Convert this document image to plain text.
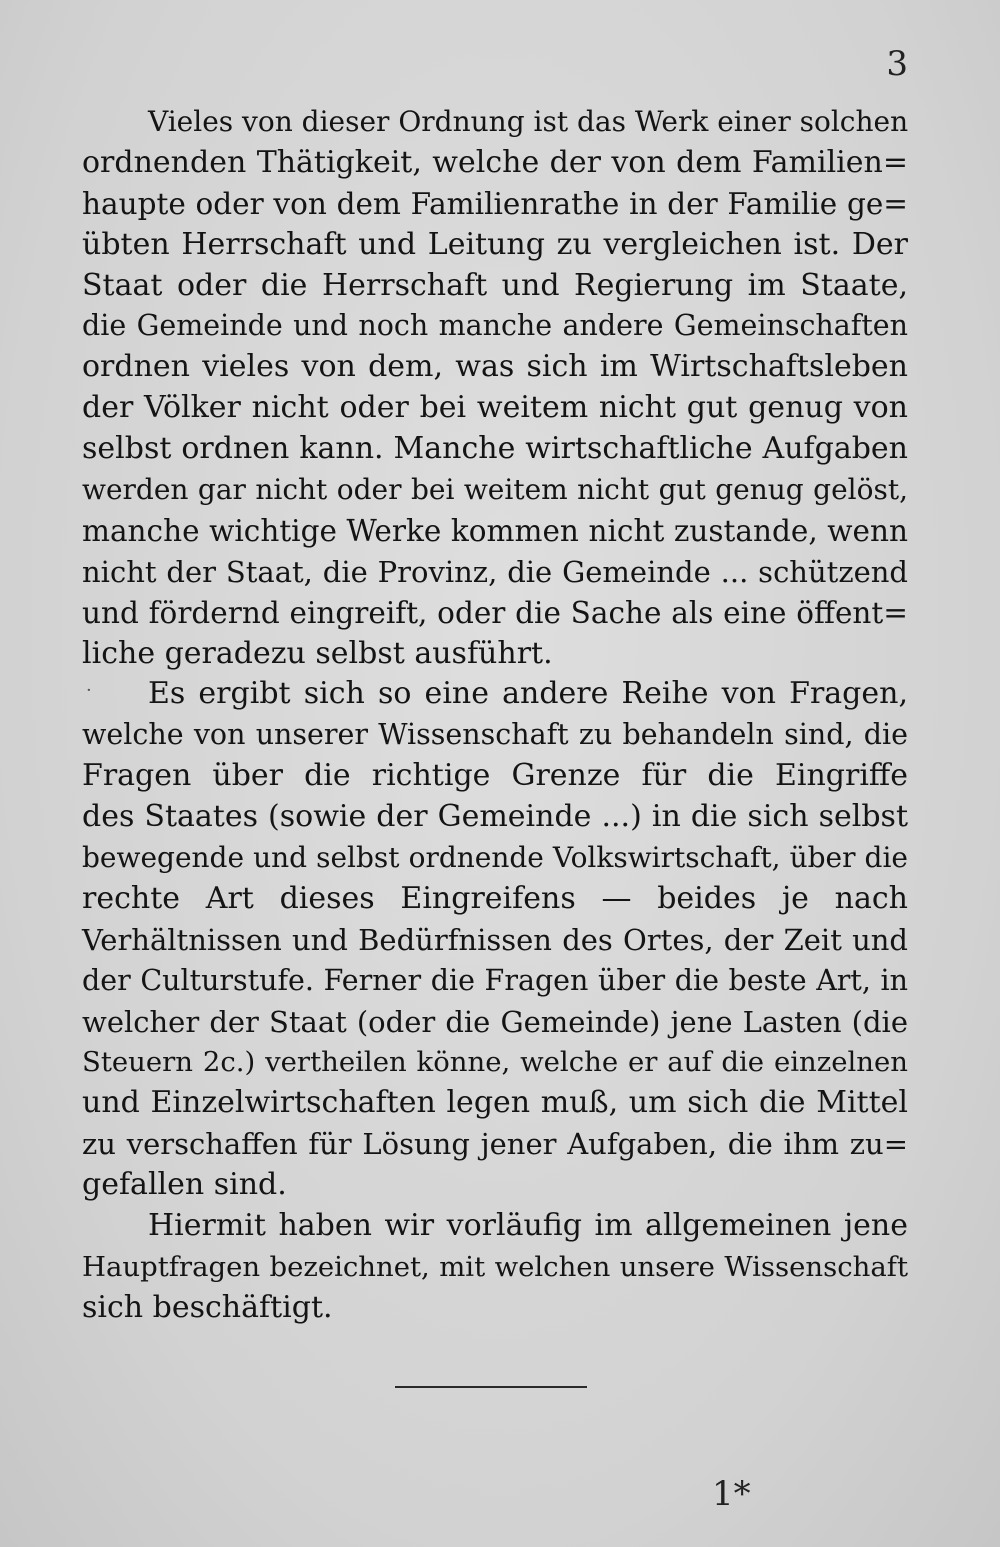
3
·
Vieles von dieser Ordnung ist das Werk einer solchen
ordnenden Thätigkeit, welche der von dem Familien=
haupte oder von dem Familienrathe in der Familie ge=
übten Herrschaft und Leitung zu vergleichen ist. Der
Staat oder die Herrschaft und Regierung im Staate,
die Gemeinde und noch manche andere Gemeinschaften
ordnen vieles von dem, was sich im Wirtschaftsleben
der Völker nicht oder bei weitem nicht gut genug von
selbst ordnen kann. Manche wirtschaftliche Aufgaben
werden gar nicht oder bei weitem nicht gut genug gelöst,
manche wichtige Werke kommen nicht zustande, wenn
nicht der Staat, die Provinz, die Gemeinde ... schützend
und fördernd eingreift, oder die Sache als eine öffent=
liche geradezu selbst ausführt.
Es ergibt sich so eine andere Reihe von Fragen,
welche von unserer Wissenschaft zu behandeln sind, die
Fragen über die richtige Grenze für die Eingriffe
des Staates (sowie der Gemeinde ...) in die sich selbst
bewegende und selbst ordnende Volkswirtschaft, über die
rechte Art dieses Eingreifens — beides je nach
Verhältnissen und Bedürfnissen des Ortes, der Zeit und
der Culturstufe. Ferner die Fragen über die beste Art, in
welcher der Staat (oder die Gemeinde) jene Lasten (die
Steuern 2c.) vertheilen könne, welche er auf die einzelnen
und Einzelwirtschaften legen muß, um sich die Mittel
zu verschaffen für Lösung jener Aufgaben, die ihm zu=
gefallen sind.
Hiermit haben wir vorläufig im allgemeinen jene
Hauptfragen bezeichnet, mit welchen unsere Wissenschaft
sich beschäftigt.
1*
